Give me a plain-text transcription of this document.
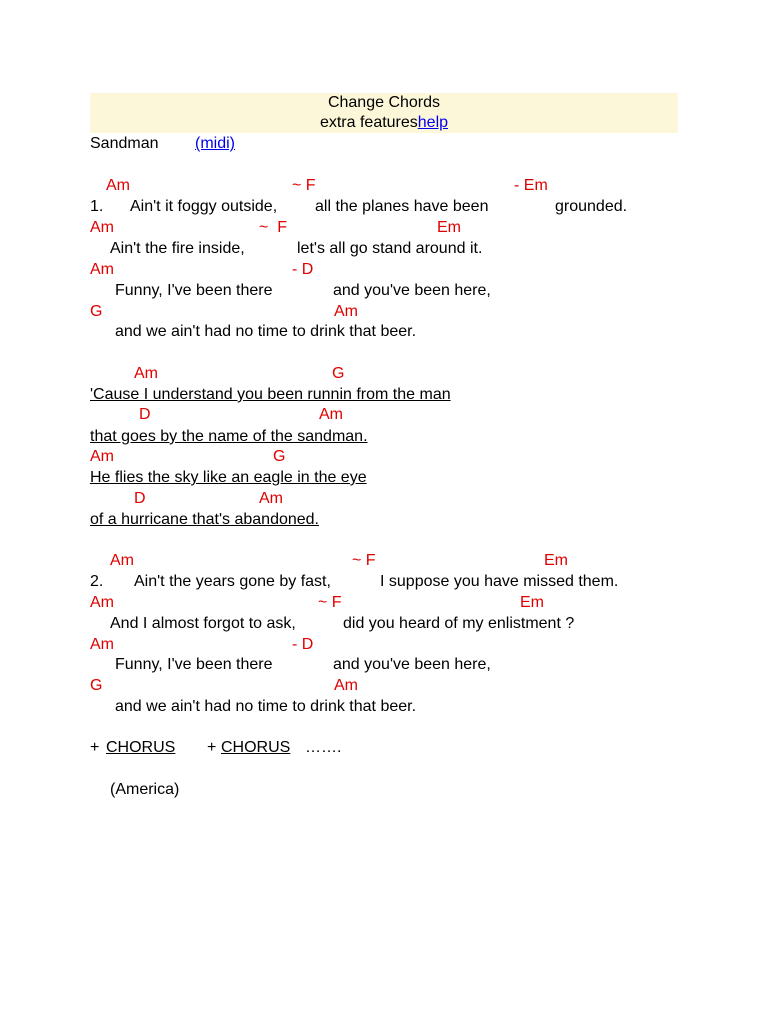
Change Chords
extra featureshelp
Sandman (midi)
Am	~ F	- Em
1. Ain't it foggy outside, all the planes have been	grounded.
Am	~  F	Em
Ain't the fire inside,	let's all go stand around it.
Am	- D
Funny, I've been there	and you've been here,
G	Am
and we ain't had no time to drink that beer.
Am	G
'Cause I understand you been runnin from the man
D	Am
that goes by the name of the sandman.
Am	G
He flies the sky like an eagle in the eye
D	Am
of a hurricane that's abandoned.
Am	~ F	Em
2. Ain't the years gone by fast,	I suppose you have missed them.
Am	~ F	Em
And I almost forgot to ask,	did you heard of my enlistment ?
Am	- D
Funny, I've been there	and you've been here,
G	Am
and we ain't had no time to drink that beer.
+ CHORUS + CHORUS …….
(America)
